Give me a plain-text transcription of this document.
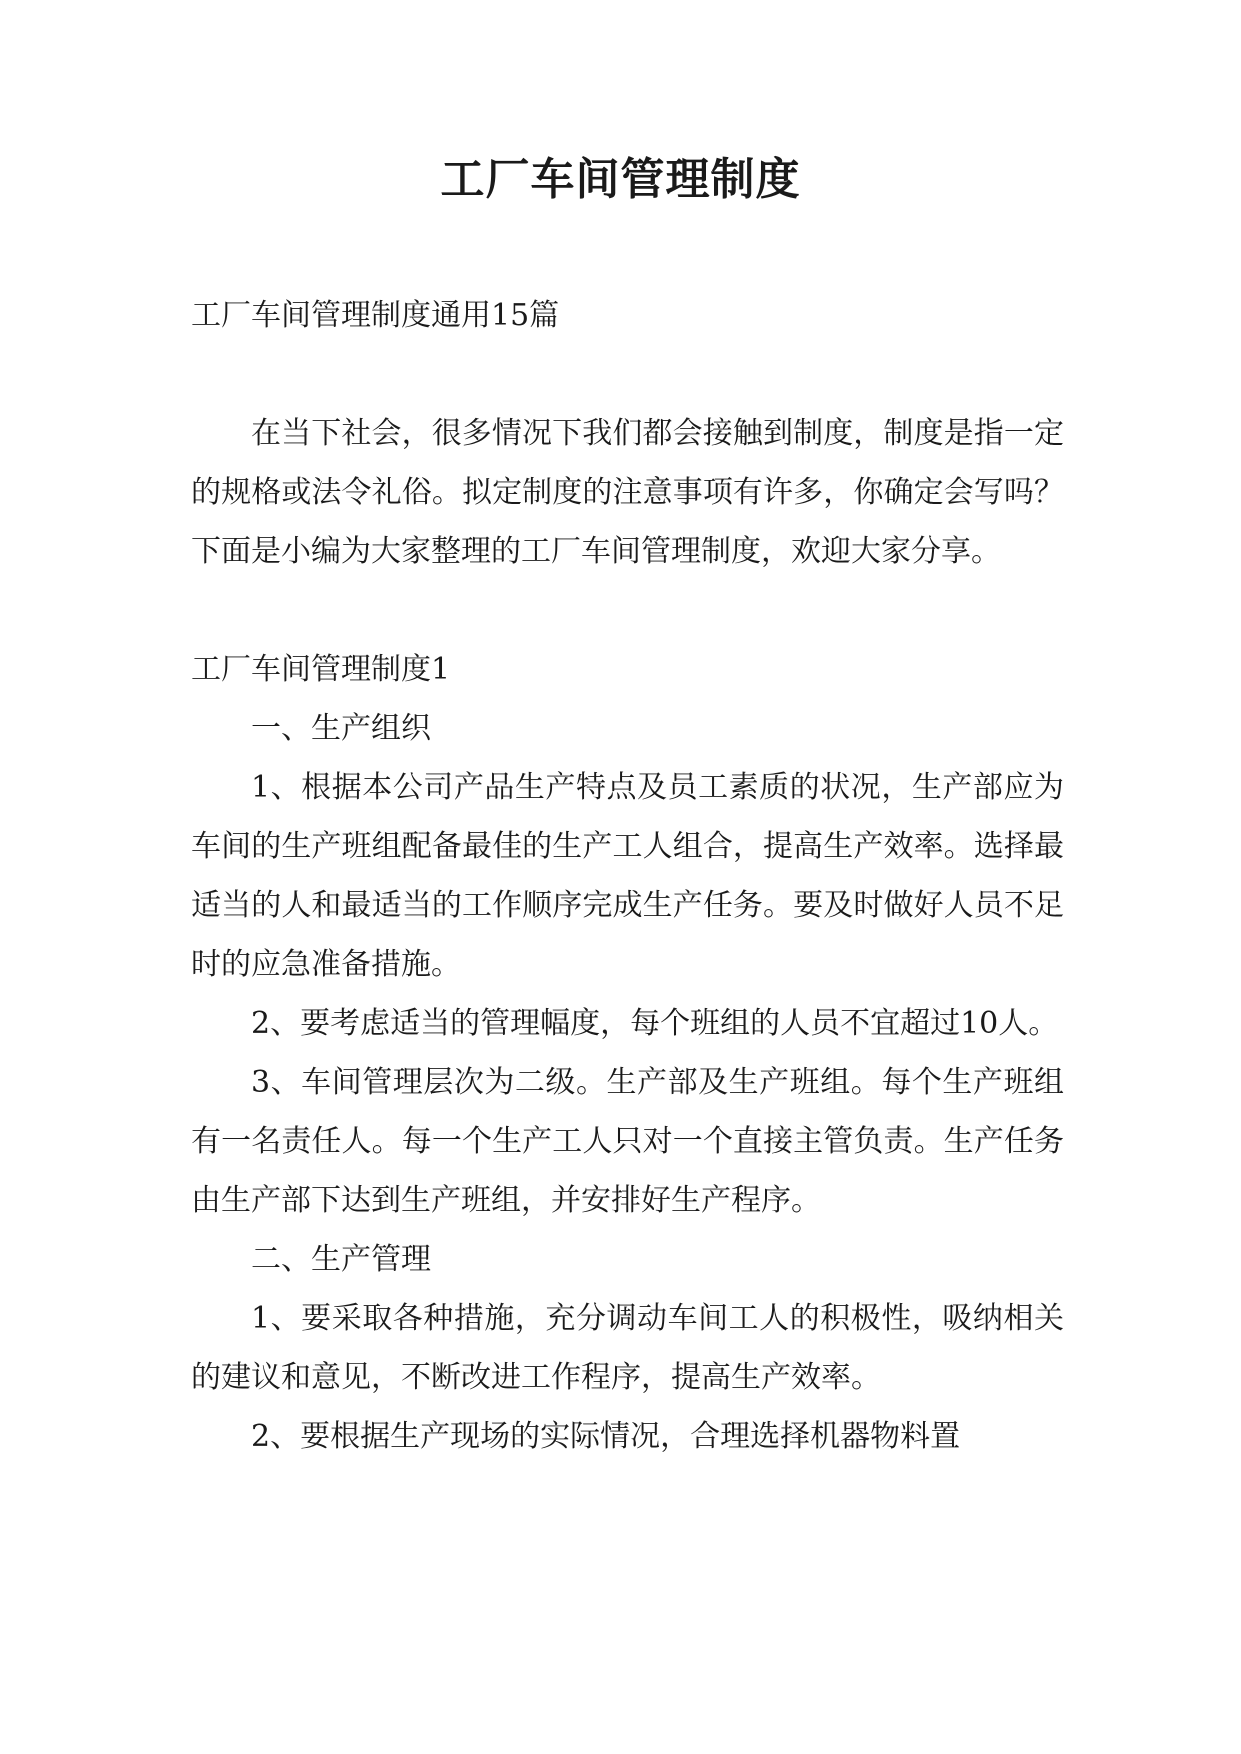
工厂车间管理制度

工厂车间管理制度通用15篇

在当下社会，很多情况下我们都会接触到制度，制度是指一定的规格或法令礼俗。拟定制度的注意事项有许多，你确定会写吗？下面是小编为大家整理的工厂车间管理制度，欢迎大家分享。

工厂车间管理制度1

一、生产组织

1、根据本公司产品生产特点及员工素质的状况，生产部应为车间的生产班组配备最佳的生产工人组合，提高生产效率。选择最适当的人和最适当的工作顺序完成生产任务。要及时做好人员不足时的应急准备措施。

2、要考虑适当的管理幅度，每个班组的人员不宜超过10人。

3、车间管理层次为二级。生产部及生产班组。每个生产班组有一名责任人。每一个生产工人只对一个直接主管负责。生产任务由生产部下达到生产班组，并安排好生产程序。

二、生产管理

1、要采取各种措施，充分调动车间工人的积极性，吸纳相关的建议和意见，不断改进工作程序，提高生产效率。

2、要根据生产现场的实际情况，合理选择机器物料置
